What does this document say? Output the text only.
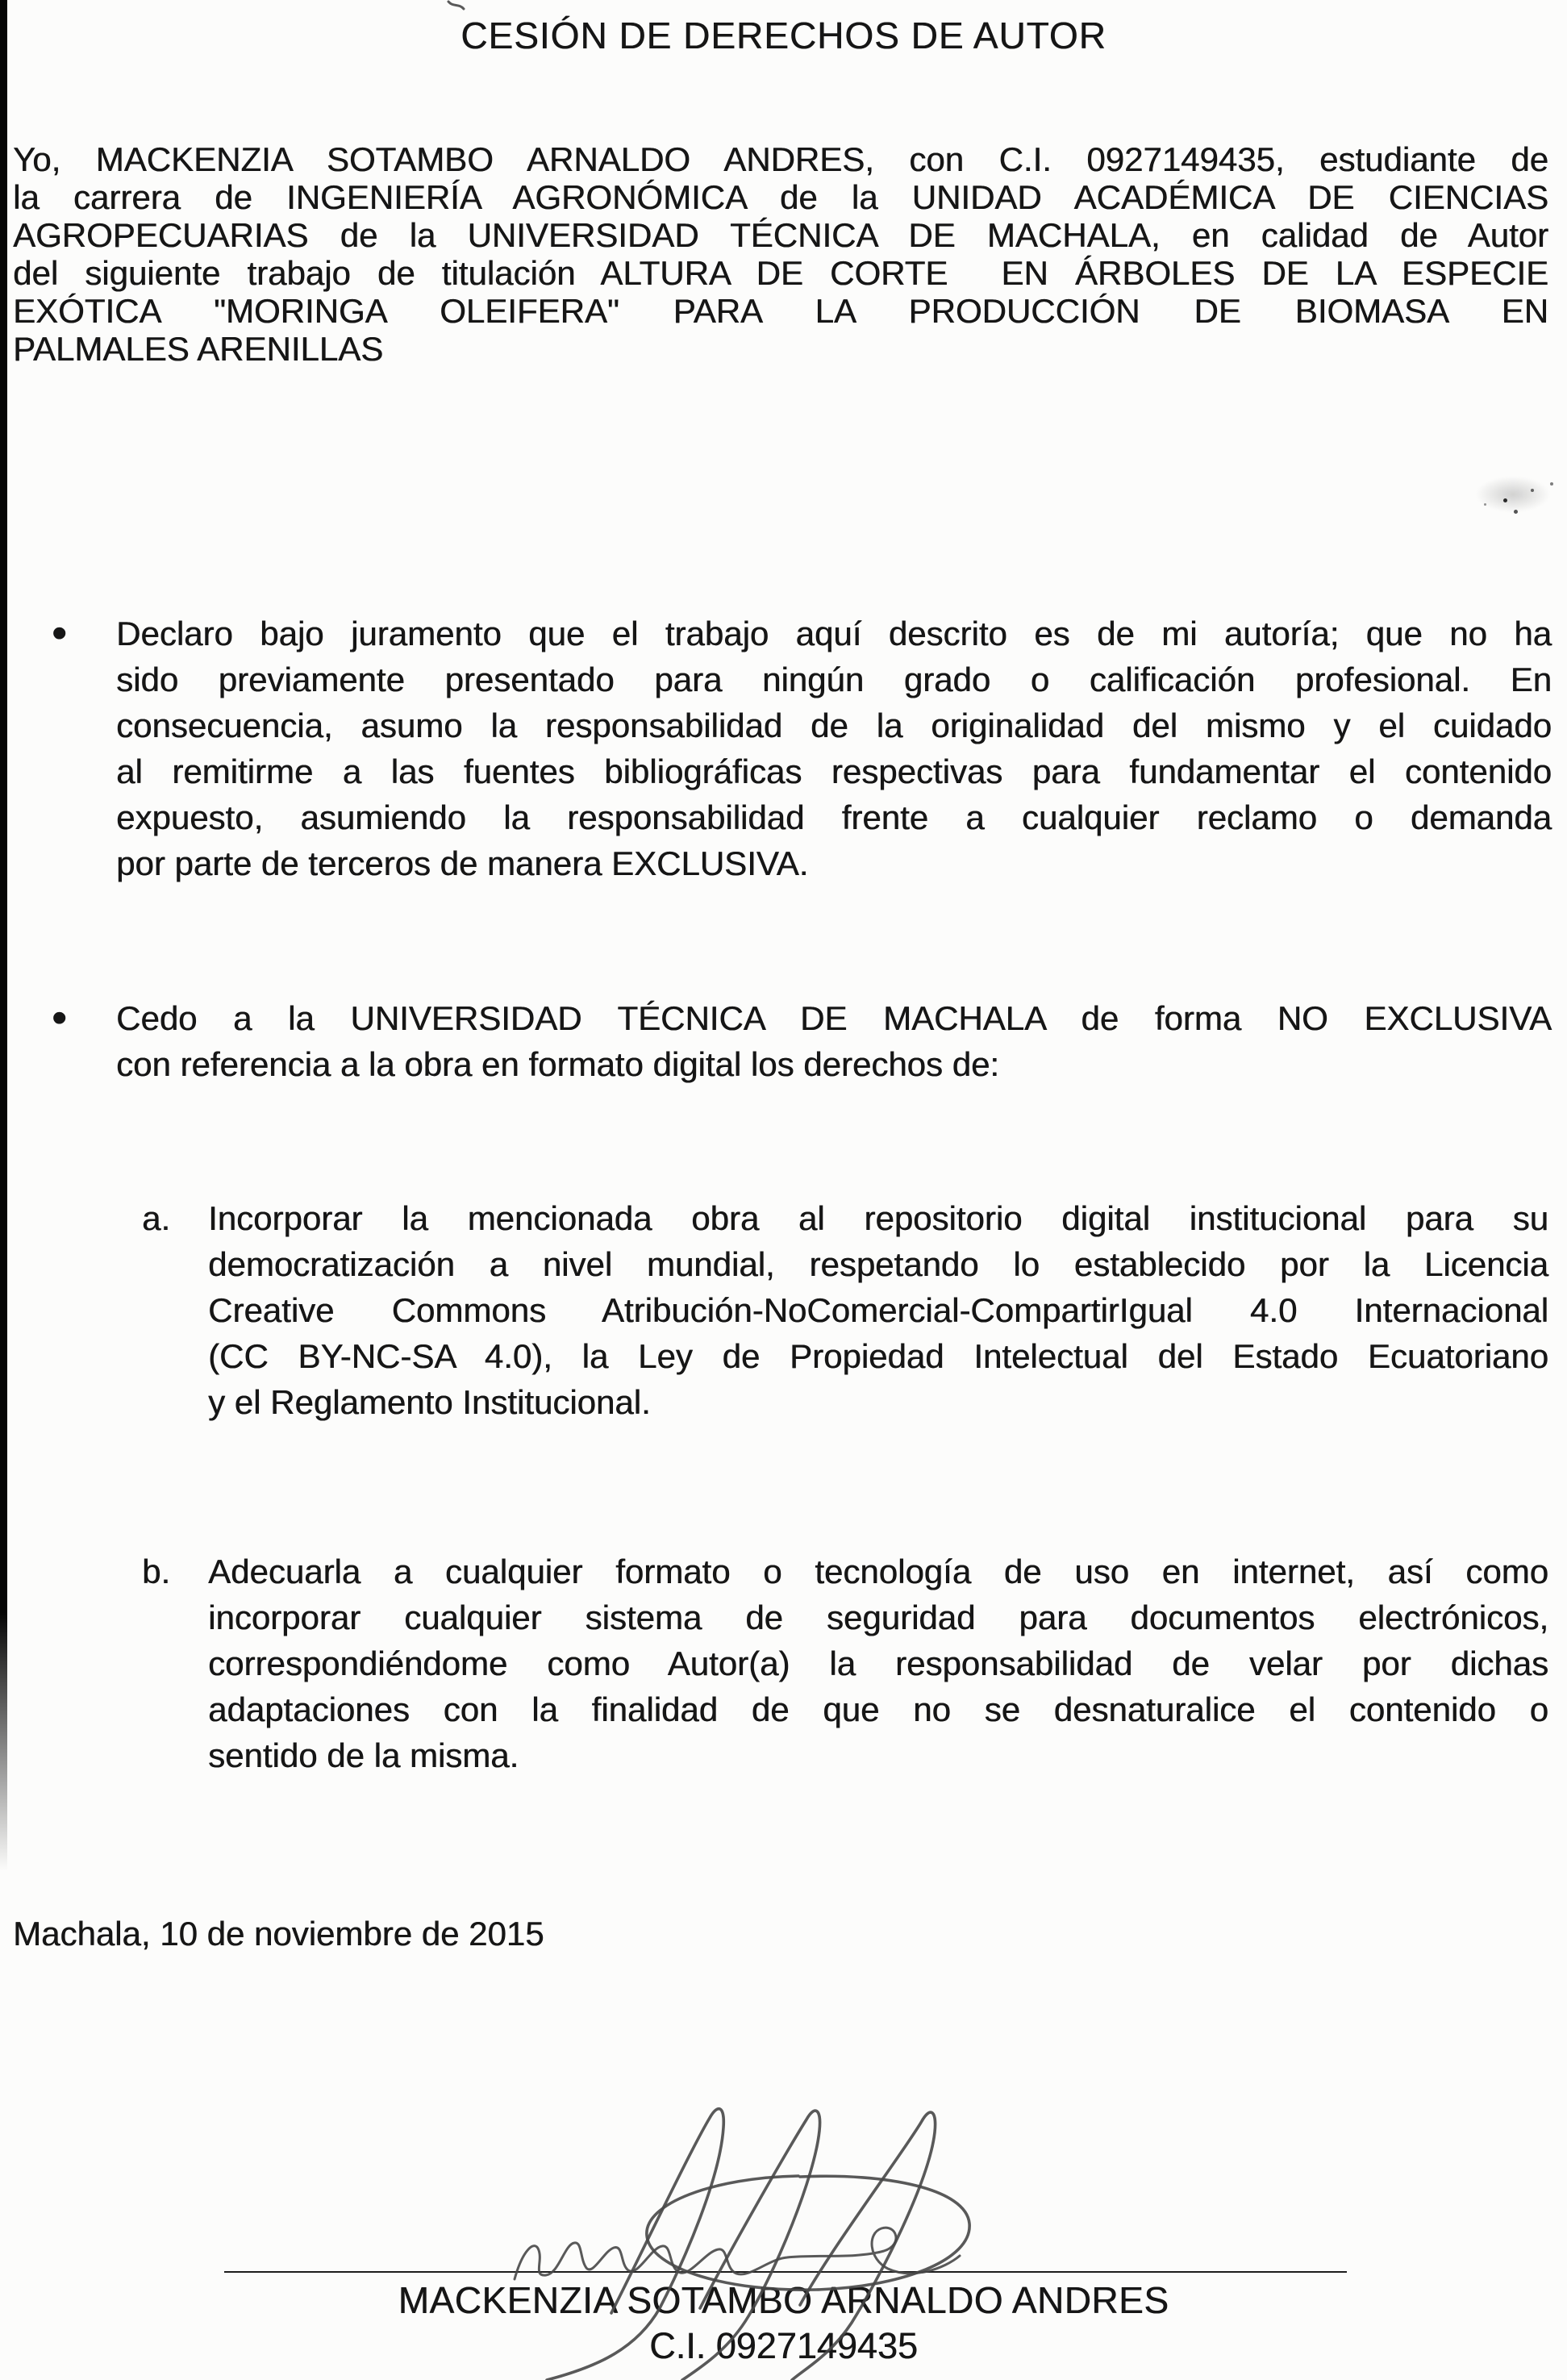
CESIÓN DE DERECHOS DE AUTOR
Yo, MACKENZIA SOTAMBO ARNALDO ANDRES, con C.I. 0927149435, estudiante de
la carrera de INGENIERÍA AGRONÓMICA de la UNIDAD ACADÉMICA DE CIENCIAS
AGROPECUARIAS de la UNIVERSIDAD TÉCNICA DE MACHALA, en calidad de Autor
del siguiente trabajo de titulación ALTURA DE CORTE  EN ÁRBOLES DE LA ESPECIE
EXÓTICA "MORINGA OLEIFERA" PARA LA PRODUCCIÓN DE BIOMASA EN
PALMALES ARENILLAS
• Declaro bajo juramento que el trabajo aquí descrito es de mi autoría; que no ha
sido previamente presentado para ningún grado o calificación profesional. En
consecuencia, asumo la responsabilidad de la originalidad del mismo y el cuidado
al remitirme a las fuentes bibliográficas respectivas para fundamentar el contenido
expuesto, asumiendo la responsabilidad frente a cualquier reclamo o demanda
por parte de terceros de manera EXCLUSIVA.
• Cedo a la UNIVERSIDAD TÉCNICA DE MACHALA de forma NO EXCLUSIVA
con referencia a la obra en formato digital los derechos de:
a. Incorporar la mencionada obra al repositorio digital institucional para su
democratización a nivel mundial, respetando lo establecido por la Licencia
Creative Commons Atribución-NoComercial-CompartirIgual 4.0 Internacional
(CC BY-NC-SA 4.0), la Ley de Propiedad Intelectual del Estado Ecuatoriano
y el Reglamento Institucional.
b. Adecuarla a cualquier formato o tecnología de uso en internet, así como
incorporar cualquier sistema de seguridad para documentos electrónicos,
correspondiéndome como Autor(a) la responsabilidad de velar por dichas
adaptaciones con la finalidad de que no se desnaturalice el contenido o
sentido de la misma.
Machala, 10 de noviembre de 2015
MACKENZIA SOTAMBO ARNALDO ANDRES
C.I. 0927149435
